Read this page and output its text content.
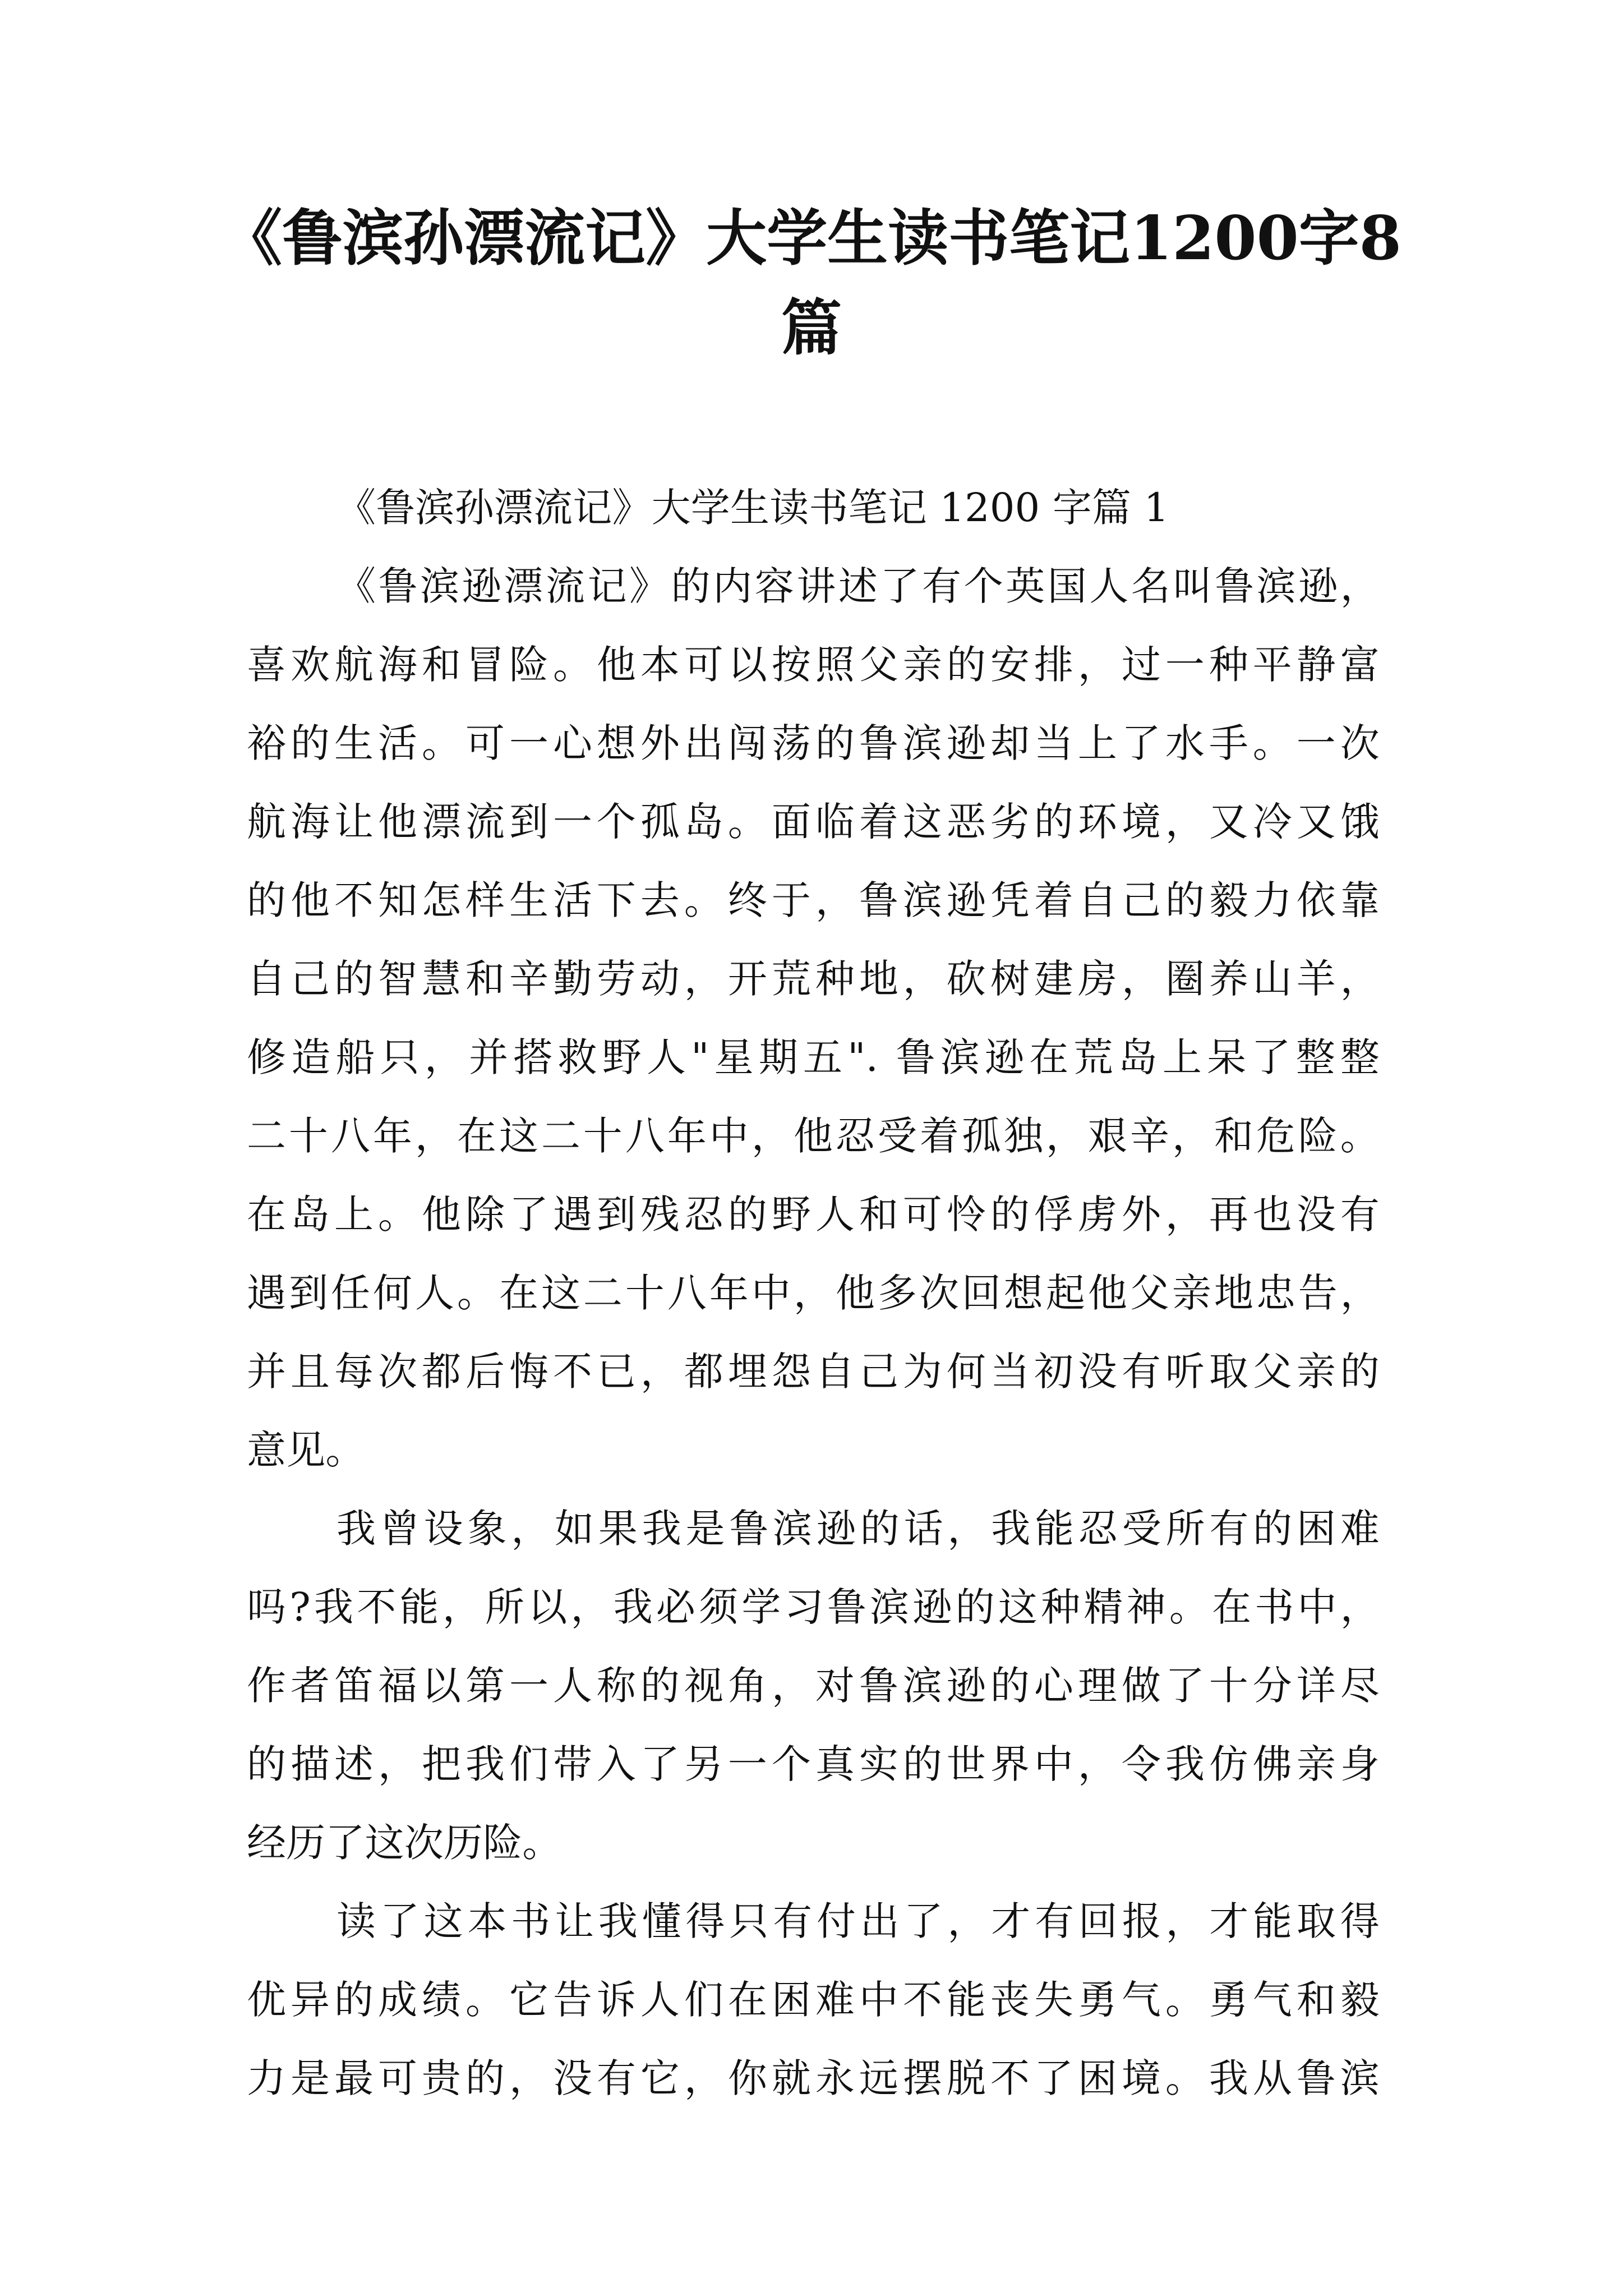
《鲁滨孙漂流记》大学生读书笔记1200字8
篇
《鲁滨孙漂流记》大学生读书笔记 1200 字篇 1
《鲁滨逊漂流记》的内容讲述了有个英国人名叫鲁滨逊，
喜欢航海和冒险。他本可以按照父亲的安排，过一种平静富
裕的生活。可一心想外出闯荡的鲁滨逊却当上了水手。一次
航海让他漂流到一个孤岛。面临着这恶劣的环境，又冷又饿
的他不知怎样生活下去。终于，鲁滨逊凭着自己的毅力依靠
自己的智慧和辛勤劳动，开荒种地，砍树建房，圈养山羊，
修造船只，并搭救野人"星期五". 鲁滨逊在荒岛上呆了整整
二十八年，在这二十八年中，他忍受着孤独，艰辛，和危险。
在岛上。他除了遇到残忍的野人和可怜的俘虏外，再也没有
遇到任何人。在这二十八年中，他多次回想起他父亲地忠告，
并且每次都后悔不已，都埋怨自己为何当初没有听取父亲的
意见。
我曾设象，如果我是鲁滨逊的话，我能忍受所有的困难
吗?我不能，所以，我必须学习鲁滨逊的这种精神。在书中，
作者笛福以第一人称的视角，对鲁滨逊的心理做了十分详尽
的描述，把我们带入了另一个真实的世界中，令我仿佛亲身
经历了这次历险。
读了这本书让我懂得只有付出了，才有回报，才能取得
优异的成绩。它告诉人们在困难中不能丧失勇气。勇气和毅
力是最可贵的，没有它，你就永远摆脱不了困境。我从鲁滨
